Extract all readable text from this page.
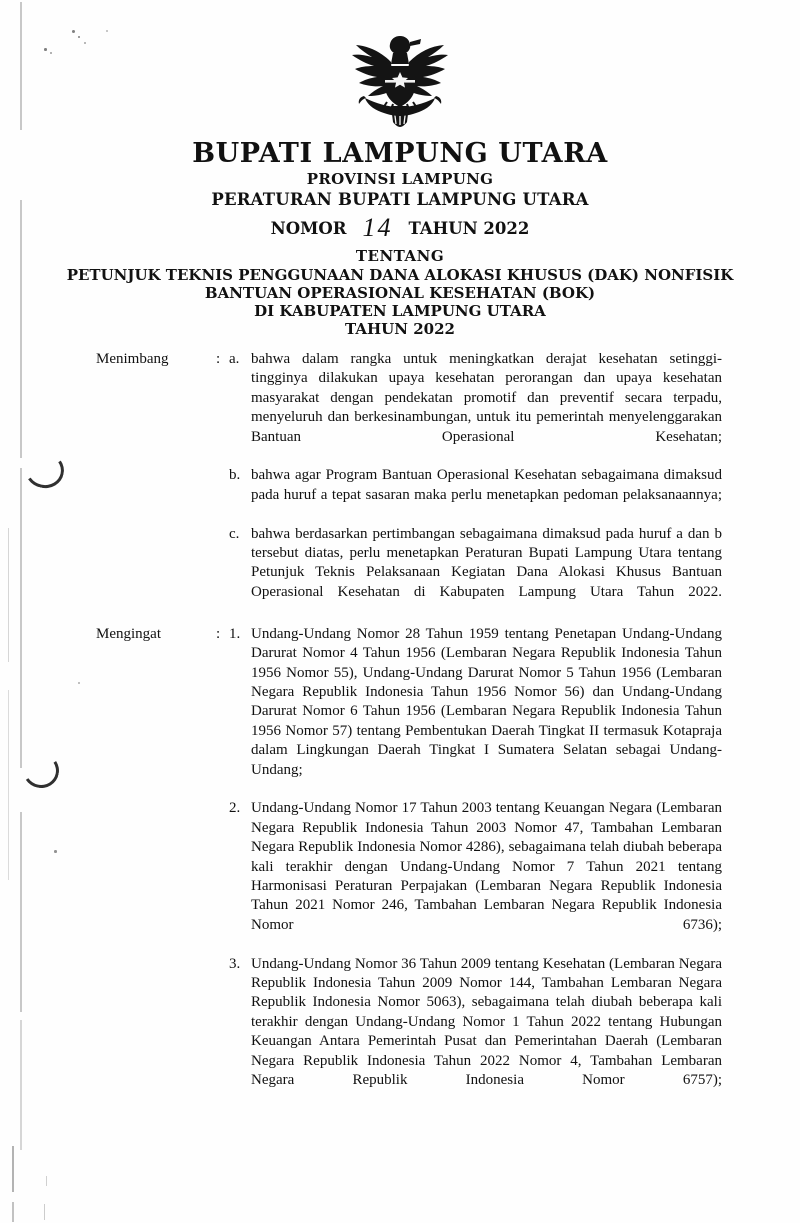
BUPATI LAMPUNG UTARA
PROVINSI LAMPUNG
PERATURAN BUPATI LAMPUNG UTARA
NOMOR 14 TAHUN 2022
TENTANG
PETUNJUK TEKNIS PENGGUNAAN DANA ALOKASI KHUSUS (DAK) NONFISIK
BANTUAN OPERASIONAL KESEHATAN (BOK)
DI KABUPATEN LAMPUNG UTARA
TAHUN 2022
Menimbang	: a. bahwa dalam rangka untuk meningkatkan derajat kesehatan setinggi-tingginya dilakukan upaya kesehatan perorangan dan upaya kesehatan masyarakat dengan pendekatan promotif dan preventif secara terpadu, menyeluruh dan berkesinambungan, untuk itu pemerintah menyelenggarakan Bantuan Operasional Kesehatan;
b. bahwa agar Program Bantuan Operasional Kesehatan sebagaimana dimaksud pada huruf a tepat sasaran maka perlu menetapkan pedoman pelaksanaannya;
c. bahwa berdasarkan pertimbangan sebagaimana dimaksud pada huruf a dan b tersebut diatas, perlu menetapkan Peraturan Bupati Lampung Utara tentang Petunjuk Teknis Pelaksanaan Kegiatan Dana Alokasi Khusus Bantuan Operasional Kesehatan di Kabupaten Lampung Utara Tahun 2022.
Mengingat	: 1. Undang-Undang Nomor 28 Tahun 1959 tentang Penetapan Undang-Undang Darurat Nomor 4 Tahun 1956 (Lembaran Negara Republik Indonesia Tahun 1956 Nomor 55), Undang-Undang Darurat Nomor 5 Tahun 1956 (Lembaran Negara Republik Indonesia Tahun 1956 Nomor 56) dan Undang-Undang Darurat Nomor 6 Tahun 1956 (Lembaran Negara Republik Indonesia Tahun 1956 Nomor 57) tentang Pembentukan Daerah Tingkat II termasuk Kotapraja dalam Lingkungan Daerah Tingkat I Sumatera Selatan sebagai Undang-Undang;
2. Undang-Undang Nomor 17 Tahun 2003 tentang Keuangan Negara (Lembaran Negara Republik Indonesia Tahun 2003 Nomor 47, Tambahan Lembaran Negara Republik Indonesia Nomor 4286), sebagaimana telah diubah beberapa kali terakhir dengan Undang-Undang Nomor 7 Tahun 2021 tentang Harmonisasi Peraturan Perpajakan (Lembaran Negara Republik Indonesia Tahun 2021 Nomor 246, Tambahan Lembaran Negara Republik Indonesia Nomor 6736);
3. Undang-Undang Nomor 36 Tahun 2009 tentang Kesehatan (Lembaran Negara Republik Indonesia Tahun 2009 Nomor 144, Tambahan Lembaran Negara Republik Indonesia Nomor 5063), sebagaimana telah diubah beberapa kali terakhir dengan Undang-Undang Nomor 1 Tahun 2022 tentang Hubungan Keuangan Antara Pemerintah Pusat dan Pemerintahan Daerah (Lembaran Negara Republik Indonesia Tahun 2022 Nomor 4, Tambahan Lembaran Negara Republik Indonesia Nomor 6757);
